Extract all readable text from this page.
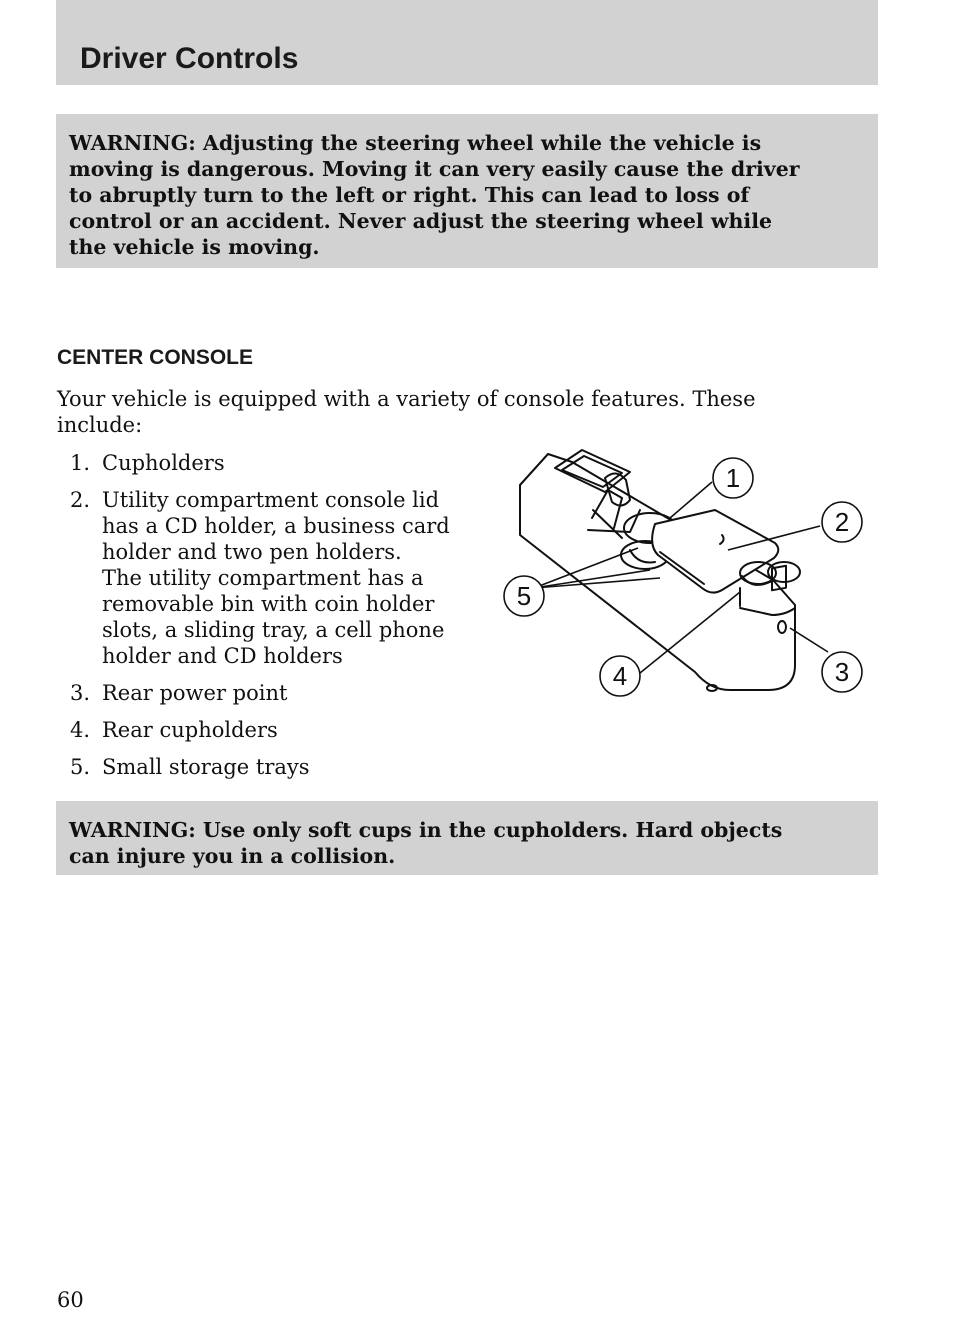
Driver Controls
WARNING: Adjusting the steering wheel while the vehicle is
moving is dangerous. Moving it can very easily cause the driver
to abruptly turn to the left or right. This can lead to loss of
control or an accident. Never adjust the steering wheel while
the vehicle is moving.
CENTER CONSOLE
Your vehicle is equipped with a variety of console features. These
include:
1. Cupholders
2. Utility compartment console lid
has a CD holder, a business card
holder and two pen holders.
The utility compartment has a
removable bin with coin holder
slots, a sliding tray, a cell phone
holder and CD holders
3. Rear power point
4. Rear cupholders
5. Small storage trays
1
2
3
4
5
WARNING: Use only soft cups in the cupholders. Hard objects
can injure you in a collision.
60
